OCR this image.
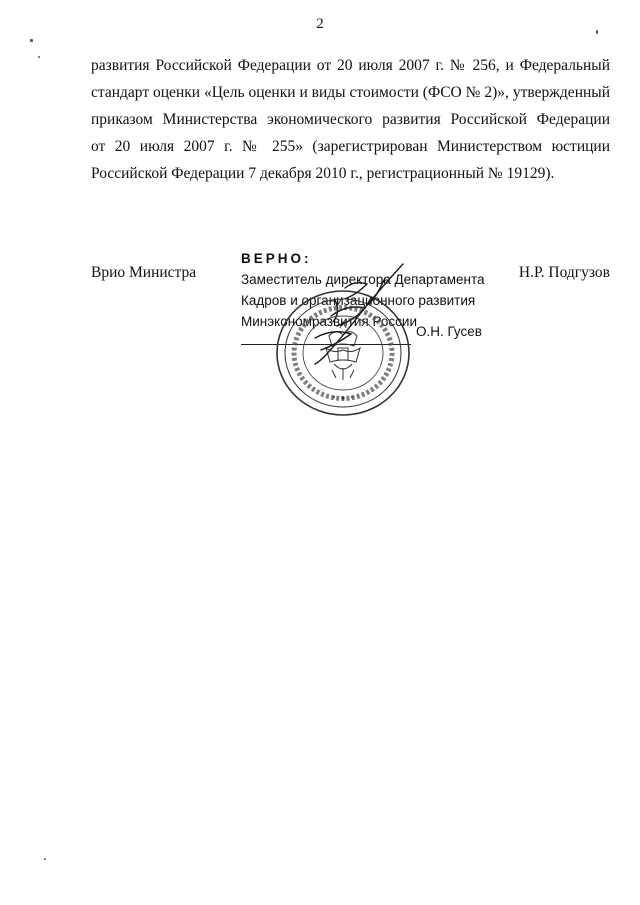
2
развития Российской Федерации от 20 июля 2007 г. № 256, и Федеральный
стандарт оценки «Цель оценки и виды стоимости (ФСО № 2)», утвержденный
приказом Министерства экономического развития Российской Федерации
от 20 июля 2007 г. № 255» (зарегистрирован Министерством юстиции
Российской Федерации 7 декабря 2010 г., регистрационный № 19129).
Врио Министра	Н.Р. Подгузов
ВЕРНО:
Заместитель директора Департамента
Кадров и организационного развития
Минэкономразвития России
О.Н. Гусев
